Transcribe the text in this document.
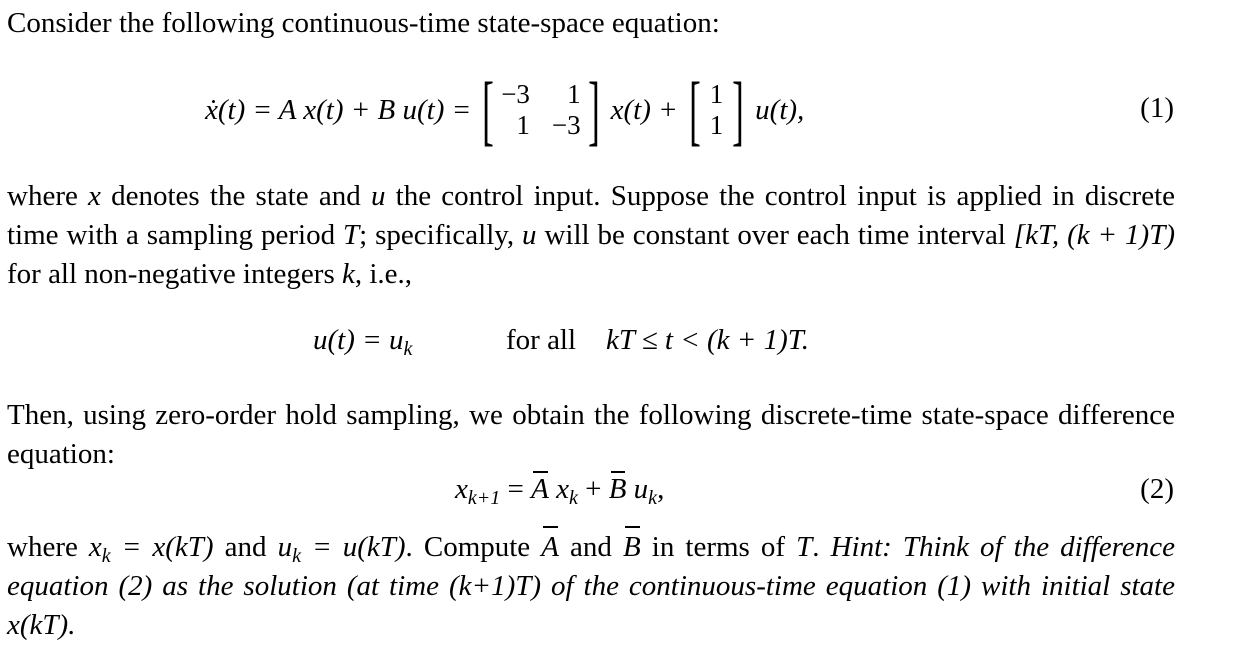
Consider the following continuous-time state-space equation:
ẋ(t) = A x(t) + B u(t) = [ −3	1
1 −3 ] x(t) + [ 1
1 ] u(t),	(1)
where x denotes the state and u the control input. Suppose the control input is applied in discrete time with a sampling period T; specifically, u will be constant over each time interval [kT, (k + 1)T) for all non-negative integers k, i.e.,
$u(t) = u_k$	for all kT ≤ t < (k + 1)T.
Then, using zero-order hold sampling, we obtain the following discrete-time state-space difference equation:
$x_{k+1} = A$ $x_k + B$ $u_k$,	(2)
where $x_k = x(kT)$ and $u_k = u(kT)$. Compute A and B in terms of T. Hint: Think of the difference equation (2) as the solution (at time (k+1)T) of the continuous-time equation (1) with initial state x(kT).
